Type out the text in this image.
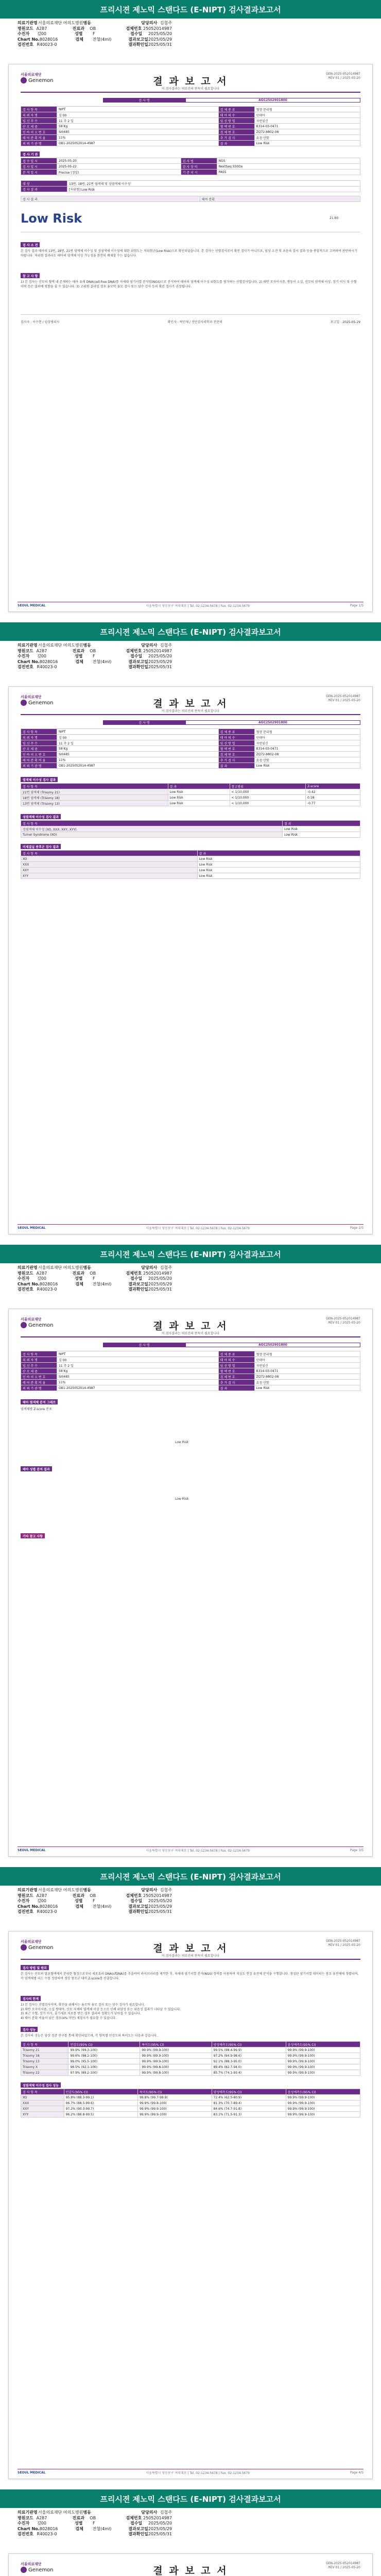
프리시젼 제노믹 스탠다드 (E-NIPT) 검사결과보고서
의료기관명 서울의료재단 여의도병원 병동	담당의사 김철주
병원코드 A287	진료과	OB	검체번호 25052014987
수진자	김00	성별	F	접수일	2025/05/20
Chart No. 8028016	검체	전혈(4ml)	결과보고일 2025/05/29
검진번호 R40023-0	결과확인일 2025/05/31
서울의료재단
Genemon	결 과 보 고 서
이 검사결과는 의료인의 판독이 필요합니다
GEN-2025-052014987
REV 01 / 2025-05-20
검 사 명	AGC2502901800
검 사 항 목	NIPT	검 체 종 류	혈장 분리혈
의 뢰 자 명	김 00	태 아 의 수	단태아
임 신 주 수	11 주 2 일	임 신 방 법	자연임신
산 모 체 중	58 Kg	혈 액 번 호	B314-03-0471
인 바 이 오 번 호	SI0485	검 체 번 호	ZQ72-8802-08
태 아 분 획 비 율	11%	추 가 검 사	요청 안함
의 뢰 기 관 명	OB1-2025052014-4987	결 과	Low Risk
검 사 기 관
접 수 일 시	2025-05-20	검 사 법	NGS
검 사 일 시	2025-05-22	검 사 장 비	NextSeq 550Dx
분 석 일 시	Precise (정밀)	기 준 치 시	PASS
대 상	13번, 18번, 21번 염색체 및 성염색체 이수성
검 사 결 과	[저위험] Low Risk
검 사 결 과	태아 분획
Low Risk	21.60
검 사 소 견
본 검사 결과 태아의 13번, 18번, 21번 염색체 이수성 및 성염색체 이수성에 대한 위험도는 저위험군(Low Risk)으로 확인되었습니다. 본 검사는 선별검사로서 확진 검사가 아니므로, 임상 소견 및 초음파 검사 결과 등을 종합적으로 고려하여 판단하시기 바랍니다. 저위험 결과라도 태아의 염색체 이상 가능성을 완전히 배제할 수는 없습니다.
참 고 사 항
1) 본 검사는 산모의 혈액 내 존재하는 태아 유래 DNA(cell-free DNA)를 차세대 염기서열 분석법(NGS)으로 분석하여 태아의 염색체 이수성 위험도를 평가하는 선별검사입니다. 2) 태반 모자이시즘, 쌍둥이 소실, 산모의 염색체 이상, 장기 이식 및 수혈 이력 등은 결과에 영향을 줄 수 있습니다. 3) 고위험 결과일 경우 융모막 융모 검사 또는 양수 검사 등의 확진 검사가 권장됩니다.
검사자 : 이수현 / 임상병리사	확인자 : 박민재 / 진단검사의학과 전문의	보고일 : 2025-05-29
SEOUL MEDICAL	서울특별시 영등포구 여의대로 | Tel. 02-1234-5678 | Fax. 02-1234-5679	Page 1/5
프리시젼 제노믹 스탠다드 (E-NIPT) 검사결과보고서
의료기관명 서울의료재단 여의도병원 병동	담당의사 김철주
병원코드 A287	진료과	OB	검체번호 25052014987
수진자	김00	성별	F	접수일	2025/05/20
Chart No. 8028016	검체	전혈(4ml)	결과보고일 2025/05/29
검진번호 R40023-0	결과확인일 2025/05/31
서울의료재단
Genemon	결 과 보 고 서
이 검사결과는 의료인의 판독이 필요합니다
GEN-2025-052014987
REV 01 / 2025-05-20
검 사 명	AGC2502901800
검 사 항 목	NIPT	검 체 종 류	혈장 분리혈
의 뢰 자 명	김 00	태 아 의 수	단태아
임 신 주 수	11 주 2 일	임 신 방 법	자연임신
산 모 체 중	58 Kg	혈 액 번 호	B314-03-0471
인 바 이 오 번 호	SI0485	검 체 번 호	ZQ72-8802-08
태 아 분 획 비 율	11%	추 가 검 사	요청 안함
의 뢰 기 관 명	OB1-2025052014-4987	결 과	Low Risk
염색체 이수성 검사 결과
검 사 항 목	결 과	참고범위	Z-score
21번 염색체 (Trisomy 21)	Low Risk	< 1/10,000	-0.42
18번 염색체 (Trisomy 18)	Low Risk	< 1/10,000	0.18
13번 염색체 (Trisomy 13)	Low Risk	< 1/10,000	-0.77
성염색체 이수성 검사 결과
검 사 항 목	결 과
성염색체 이수성 (XO, XXX, XXY, XYY)	Low Risk
Turner Syndrome (XO)	Low Risk
미세결실 증후군 검사 결과
검 사 항 목	결 과
XO	Low Risk
XXX	Low Risk
XXY	Low Risk
XYY	Low Risk
SEOUL MEDICAL	서울특별시 영등포구 여의대로 | Tel. 02-1234-5678 | Fax. 02-1234-5679	Page 2/5
프리시젼 제노믹 스탠다드 (E-NIPT) 검사결과보고서
의료기관명 서울의료재단 여의도병원 병동	담당의사 김철주
병원코드 A287	진료과	OB	검체번호 25052014987
수진자	김00	성별	F	접수일	2025/05/20
Chart No. 8028016	검체	전혈(4ml)	결과보고일 2025/05/29
검진번호 R40023-0	결과확인일 2025/05/31
서울의료재단
Genemon	결 과 보 고 서
이 검사결과는 의료인의 판독이 필요합니다
GEN-2025-052014987
REV 01 / 2025-05-20
검 사 명	AGC2502901800
검 사 항 목	NIPT	검 체 종 류	혈장 분리혈
의 뢰 자 명	김 00	태 아 의 수	단태아
임 신 주 수	11 주 2 일	임 신 방 법	자연임신
산 모 체 중	58 Kg	혈 액 번 호	B314-03-0471
인 바 이 오 번 호	SI0485	검 체 번 호	ZQ72-8802-08
태 아 분 획 비 율	11%	추 가 검 사	요청 안함
의 뢰 기 관 명	OB1-2025052014-4987	결 과	Low Risk
태아 염색체 분석 그래프
염색체별 Z-score 분포
Low Risk
태아 성별 분석 결과
Low Risk
기타 참고 사항
SEOUL MEDICAL	서울특별시 영등포구 여의대로 | Tel. 02-1234-5678 | Fax. 02-1234-5679	Page 3/5
프리시젼 제노믹 스탠다드 (E-NIPT) 검사결과보고서
의료기관명 서울의료재단 여의도병원 병동	담당의사 김철주
병원코드 A287	진료과	OB	검체번호 25052014987
수진자	김00	성별	F	접수일	2025/05/20
Chart No. 8028016	검체	전혈(4ml)	결과보고일 2025/05/29
검진번호 R40023-0	결과확인일 2025/05/31
서울의료재단
Genemon	결 과 보 고 서
이 검사결과는 의료인의 판독이 필요합니다
GEN-2025-052014987
REV 01 / 2025-05-20
검사 방법 및 원리
본 검사는 산모의 말초혈액에서 분리한 혈장으로부터 세포유리 DNA(cfDNA)를 추출하여 라이브러리를 제작한 후, 차세대 염기서열 분석(NGS) 장비를 이용하여 저심도 전장 유전체 분석을 수행합니다. 생성된 염기서열 데이터는 참조 유전체에 정렬되며, 각 염색체별 리드 수를 정량하여 정상 참조군 대비 Z-score를 산출합니다.
검사의 한계
1) 본 검사는 선별검사이며, 확진을 위해서는 융모막 융모 검사 또는 양수 검사가 필요합니다.
2) 태반 모자이시즘, 소실 쌍태아, 산모 자체의 염색체 이상 등으로 인해 위양성 또는 위음성 결과가 나타날 수 있습니다.
3) 최근 수혈, 장기 이식, 줄기세포 치료를 받은 경우 결과의 정확도가 낮아질 수 있습니다.
4) 태아 분획 비율이 낮은 경우(4% 미만) 재검사가 필요할 수 있습니다.
검사 성능
본 검사의 성능은 임상 검증 연구를 통해 확인되었으며, 각 항목별 민감도와 특이도는 다음과 같습니다.
검 사 항 목	민감도(95% CI)	특이도(95% CI)	양성예측도(95% CI)	음성예측도(95% CI)
Trisomy 21	99.9% (99.3-100)	99.9% (99.9-100)	99.5% (98.4-99.9)	99.9% (99.9-100)
Trisomy 18	99.6% (98.2-100)	99.9% (99.9-100)	97.2% (94.9-98.6)	99.9% (99.9-100)
Trisomy 13	99.0% (95.5-100)	99.9% (99.9-100)	92.1% (88.3-95.0)	99.9% (99.9-100)
Trisomy X	98.5% (92.1-100)	99.9% (99.8-100)	89.4% (82.7-94.0)	99.9% (99.9-100)
Trisomy 22	97.9% (89.2-100)	99.9% (99.8-100)	85.7% (74.1-93.4)	99.9% (99.9-100)
성염색체 이수성 검사 성능
검 사 항 목	민감도(95% CI)	특이도(95% CI)	양성예측도(95% CI)	음성예측도(95% CI)
XO	95.8% (88.3-99.1)	99.8% (99.7-99.9)	72.4% (62.5-80.9)	99.9% (99.9-100)
XXX	96.7% (88.5-99.6)	99.9% (99.8-100)	81.3% (70.7-89.4)	99.9% (99.9-100)
XXY	97.2% (90.3-99.7)	99.9% (99.9-100)	84.6% (74.7-91.8)	99.9% (99.9-100)
XYY	96.2% (86.8-99.5)	99.9% (99.9-100)	83.1% (71.5-91.3)	99.9% (99.9-100)
SEOUL MEDICAL	서울특별시 영등포구 여의대로 | Tel. 02-1234-5678 | Fax. 02-1234-5679	Page 4/5
프리시젼 제노믹 스탠다드 (E-NIPT) 검사결과보고서
의료기관명 서울의료재단 여의도병원 병동	담당의사 김철주
병원코드 A287	진료과	OB	검체번호 25052014987
수진자	김00	성별	F	접수일	2025/05/20
Chart No. 8028016	검체	전혈(4ml)	결과보고일 2025/05/29
검진번호 R40023-0	결과확인일 2025/05/31
서울의료재단
Genemon	결 과 보 고 서
GEN-2025-052014987
REV 01 / 2025-05-20
